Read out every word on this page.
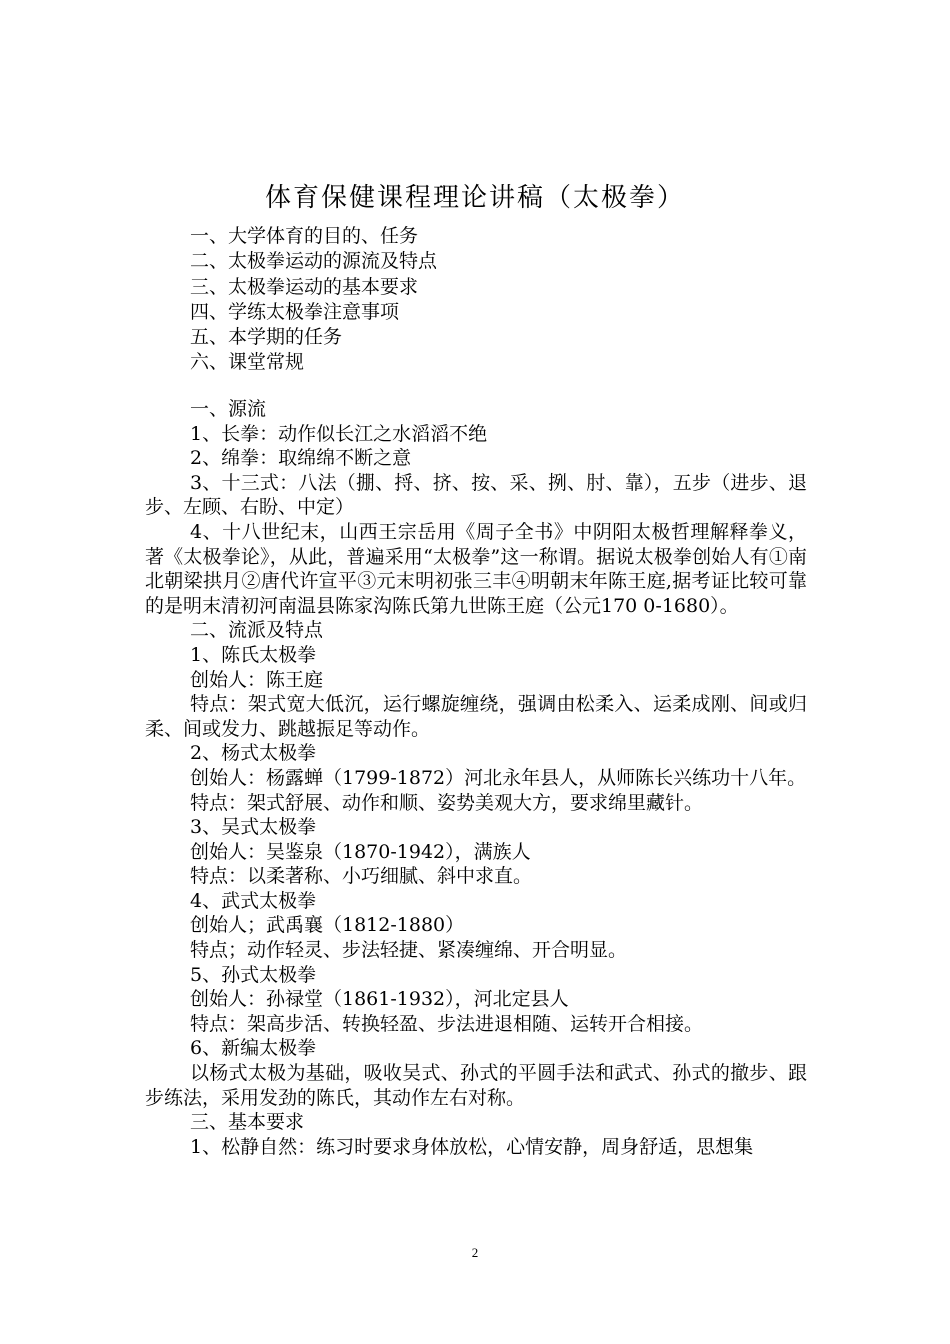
体育保健课程理论讲稿（太极拳）
一、大学体育的目的、任务
二、太极拳运动的源流及特点
三、太极拳运动的基本要求
四、学练太极拳注意事项
五、本学期的任务
六、课堂常规
一、源流
1、长拳：动作似长江之水滔滔不绝
2、绵拳：取绵绵不断之意
3、十三式：八法（掤、捋、挤、按、采、挒、肘、靠），五步（进步、退步、左顾、右盼、中定）
4、十八世纪末，山西王宗岳用《周子全书》中阴阳太极哲理解释拳义，著《太极拳论》，从此，普遍采用“太极拳”这一称谓。据说太极拳创始人有①南北朝梁拱月②唐代许宣平③元末明初张三丰④明朝末年陈王庭,据考证比较可靠的是明末清初河南温县陈家沟陈氏第九世陈王庭（公元170 0-1680）。
二、流派及特点
1、陈氏太极拳
创始人：陈王庭
特点：架式宽大低沉，运行螺旋缠绕，强调由松柔入、运柔成刚、间或归柔、间或发力、跳越振足等动作。
2、杨式太极拳
创始人：杨露蝉（1799-1872）河北永年县人，从师陈长兴练功十八年。
特点：架式舒展、动作和顺、姿势美观大方，要求绵里藏针。
3、吴式太极拳
创始人：吴鉴泉（1870-1942），满族人
特点：以柔著称、小巧细腻、斜中求直。
4、武式太极拳
创始人；武禹襄（1812-1880）
特点；动作轻灵、步法轻捷、紧凑缠绵、开合明显。
5、孙式太极拳
创始人：孙禄堂（1861-1932），河北定县人
特点：架高步活、转换轻盈、步法进退相随、运转开合相接。
6、新编太极拳
以杨式太极为基础，吸收吴式、孙式的平圆手法和武式、孙式的撤步、跟步练法，采用发劲的陈氏，其动作左右对称。
三、基本要求
1、松静自然：练习时要求身体放松，心情安静，周身舒适，思想集
2
